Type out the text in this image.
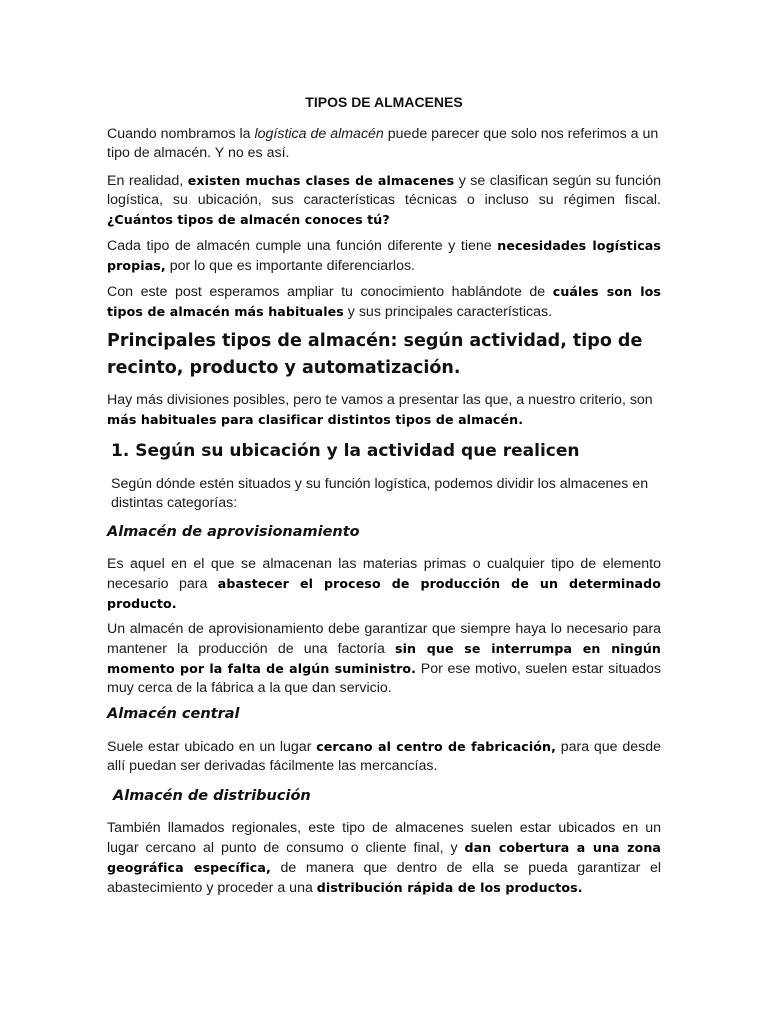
TIPOS DE ALMACENES

Cuando nombramos la logística de almacén puede parecer que solo nos referimos a un tipo de almacén. Y no es así.

En realidad, existen muchas clases de almacenes y se clasifican según su función logística, su ubicación, sus características técnicas o incluso su régimen fiscal. ¿Cuántos tipos de almacén conoces tú?

Cada tipo de almacén cumple una función diferente y tiene necesidades logísticas propias, por lo que es importante diferenciarlos.

Con este post esperamos ampliar tu conocimiento hablándote de cuáles son los tipos de almacén más habituales y sus principales características.

Principales tipos de almacén: según actividad, tipo de recinto, producto y automatización.

Hay más divisiones posibles, pero te vamos a presentar las que, a nuestro criterio, son más habituales para clasificar distintos tipos de almacén.

1. Según su ubicación y la actividad que realicen

Según dónde estén situados y su función logística, podemos dividir los almacenes en distintas categorías:

Almacén de aprovisionamiento

Es aquel en el que se almacenan las materias primas o cualquier tipo de elemento necesario para abastecer el proceso de producción de un determinado producto.

Un almacén de aprovisionamiento debe garantizar que siempre haya lo necesario para mantener la producción de una factoría sin que se interrumpa en ningún momento por la falta de algún suministro. Por ese motivo, suelen estar situados muy cerca de la fábrica a la que dan servicio.

Almacén central

Suele estar ubicado en un lugar cercano al centro de fabricación, para que desde allí puedan ser derivadas fácilmente las mercancías.

Almacén de distribución

También llamados regionales, este tipo de almacenes suelen estar ubicados en un lugar cercano al punto de consumo o cliente final, y dan cobertura a una zona geográfica específica, de manera que dentro de ella se pueda garantizar el abastecimiento y proceder a una distribución rápida de los productos.
